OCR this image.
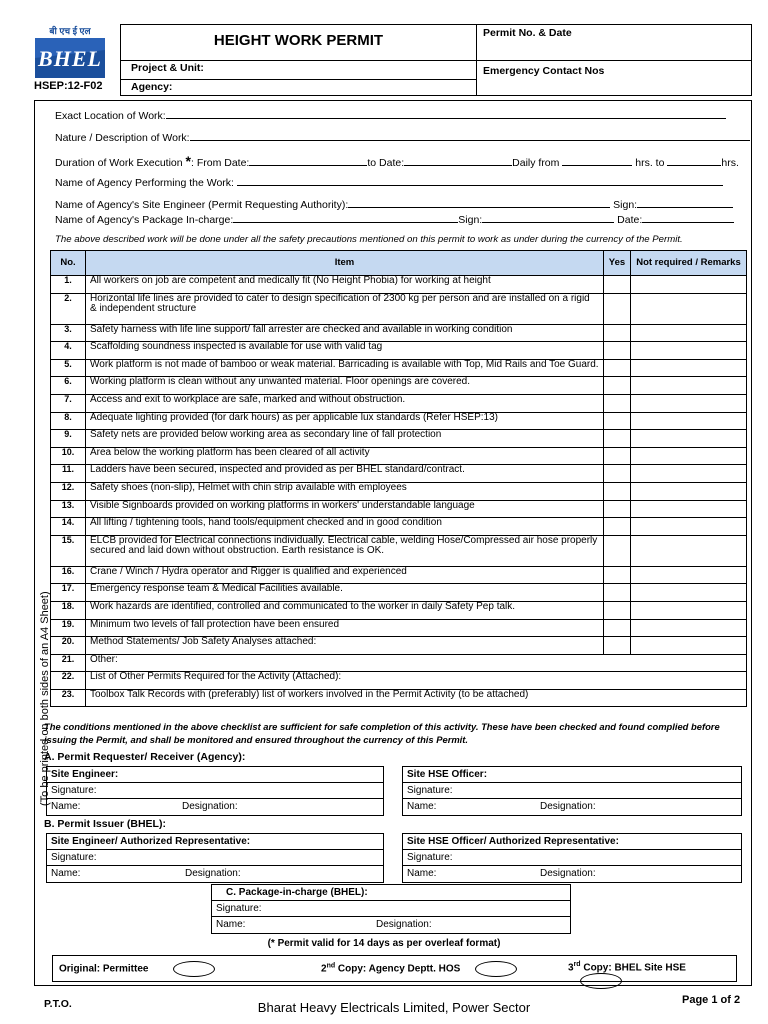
बी एच ई एल
BHEL
HSEP:12-F02
HEIGHT WORK PERMIT	Permit No. & Date
Project & Unit:
Agency:
Emergency Contact Nos
(To be printed on both sides of an A4 Sheet)
Exact Location of Work:
Nature / Description of Work:
Duration of Work Execution *: From Date:	to Date:	Daily from	hrs. to	hrs.
Name of Agency Performing the Work:
Name of Agency's Site Engineer (Permit Requesting Authority):	Sign:
Name of Agency's Package In-charge:	Sign:	Date:
The above described work will be done under all the safety precautions mentioned on this permit to work as under during the currency of the Permit.
No.	Item	Yes	Not required / Remarks
1.	All workers on job are competent and medically fit (No Height Phobia) for working at height		
2.	Horizontal life lines are provided to cater to design specification of 2300 kg per person and are installed on a rigid & independent structure		
3.	Safety harness with life line support/ fall arrester are checked and available in working condition		
4.	Scaffolding soundness inspected is available for use with valid tag		
5.	Work platform is not made of bamboo or weak material. Barricading is available with Top, Mid Rails and Toe Guard.		
6.	Working platform is clean without any unwanted material. Floor openings are covered.		
7.	Access and exit to workplace are safe, marked and without obstruction.		
8.	Adequate lighting provided (for dark hours) as per applicable lux standards (Refer HSEP:13)		
9.	Safety nets are provided below working area as secondary line of fall protection		
10.	Area below the working platform has been cleared of all activity		
11.	Ladders have been secured, inspected and provided as per BHEL standard/contract.		
12.	Safety shoes (non-slip), Helmet with chin strip available with employees		
13.	Visible Signboards provided on working platforms in workers' understandable language		
14.	All lifting / tightening tools, hand tools/equipment checked and in good condition		
15.	ELCB provided for Electrical connections individually. Electrical cable, welding Hose/Compressed air hose properly secured and laid down without obstruction. Earth resistance is OK.		
16.	Crane / Winch / Hydra operator and Rigger is qualified and experienced		
17.	Emergency response team & Medical Facilities available.		
18.	Work hazards are identified, controlled and communicated to the worker in daily Safety Pep talk.		
19.	Minimum two levels of fall protection have been ensured		
20.	Method Statements/ Job Safety Analyses attached:		
21.	Other:		
22.	List of Other Permits Required for the Activity (Attached):		
23.	Toolbox Talk Records with (preferably) list of workers involved in the Permit Activity (to be attached)		
The conditions mentioned in the above checklist are sufficient for safe completion of this activity. These have been checked and found complied before issuing the Permit, and shall be monitored and ensured throughout the currency of this Permit.
A. Permit Requester/ Receiver (Agency):
Site Engineer:
Signature:
Name:	Designation:
Site HSE Officer:
Signature:
Name:	Designation:
B. Permit Issuer (BHEL):
Site Engineer/ Authorized Representative:
Signature:
Name:	Designation:
Site HSE Officer/ Authorized Representative:
Signature:
Name:	Designation:
C. Package-in-charge (BHEL):
Signature:
Name:	Designation:
(* Permit valid for 14 days as per overleaf format)
Original: Permittee	2nd Copy: Agency Deptt. HOS	3rd Copy: BHEL Site HSE
P.T.O.	Bharat Heavy Electricals Limited, Power Sector	Page 1 of 2
